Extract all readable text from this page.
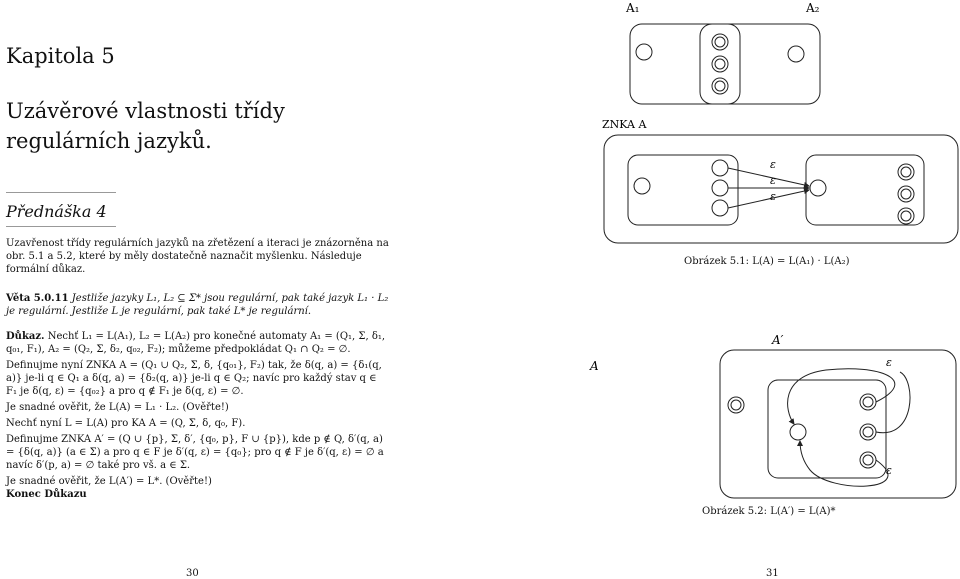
Kapitola 5
Uzávěrové vlastnosti třídy
regulárních jazyků.
Přednáška 4
Uzavřenost třídy regulárních jazyků na zřetězení a iteraci je znázorněna na obr. 5.1 a 5.2, které by měly dostatečně naznačit myšlenku. Následuje formální důkaz.
Věta 5.0.11 Jestliže jazyky L₁, L₂ ⊆ Σ* jsou regulární, pak také jazyk L₁ · L₂ je regulární. Jestliže L je regulární, pak také L* je regulární.
Důkaz. Nechť L₁ = L(A₁), L₂ = L(A₂) pro konečné automaty A₁ = (Q₁, Σ, δ₁, q₀₁, F₁), A₂ = (Q₂, Σ, δ₂, q₀₂, F₂); můžeme předpokládat Q₁ ∩ Q₂ = ∅.
Definujme nyní ZNKA A = (Q₁ ∪ Q₂, Σ, δ, {q₀₁}, F₂) tak, že δ(q, a) = {δ₁(q, a)} je-li q ∈ Q₁ a δ(q, a) = {δ₂(q, a)} je-li q ∈ Q₂; navíc pro každý stav q ∈ F₁ je δ(q, ε) = {q₀₂} a pro q ∉ F₁ je δ(q, ε) = ∅.
Je snadné ověřit, že L(A) = L₁ · L₂. (Ověřte!)
Nechť nyní L = L(A) pro KA A = (Q, Σ, δ, q₀, F).
Definujme ZNKA A′ = (Q ∪ {p}, Σ, δ′, {q₀, p}, F ∪ {p}), kde p ∉ Q, δ′(q, a) = {δ(q, a)} (a ∈ Σ) a pro q ∈ F je δ′(q, ε) = {q₀}; pro q ∉ F je δ′(q, ε) = ∅ a navíc δ′(p, a) = ∅ také pro vš. a ∈ Σ.
Je snadné ověřit, že L(A′) = L*. (Ověřte!)
Konec Důkazu
30
A₁	A₂
ZNKA A
ε
ε
ε
A
A′
ε
ε
Obrázek 5.1: L(A) = L(A₁) · L(A₂)
Obrázek 5.2: L(A′) = L(A)*
31
